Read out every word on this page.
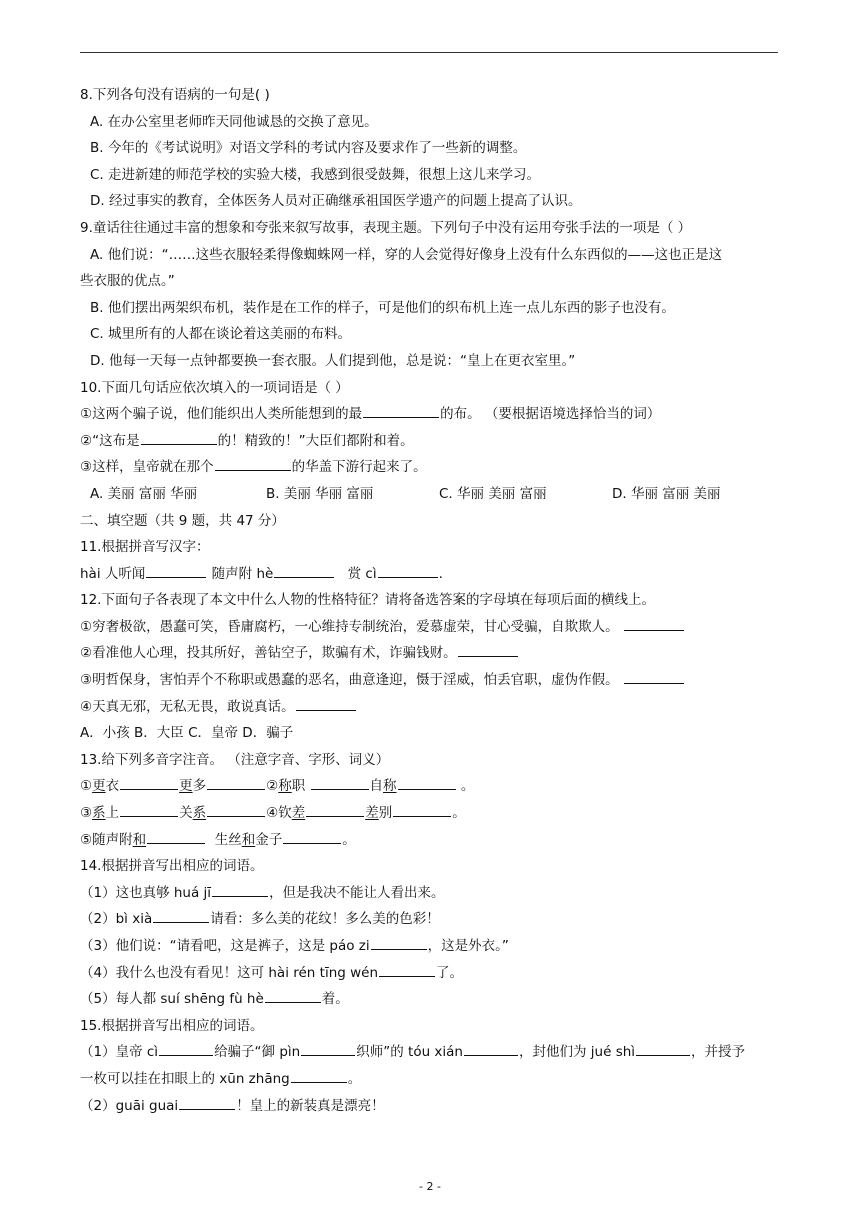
8.下列各句没有语病的一句是( )
A. 在办公室里老师昨天同他诚恳的交换了意见。
B. 今年的《考试说明》对语文学科的考试内容及要求作了一些新的调整。
C. 走进新建的师范学校的实验大楼，我感到很受鼓舞，很想上这儿来学习。
D. 经过事实的教育，全体医务人员对正确继承祖国医学遗产的问题上提高了认识。
9.童话往往通过丰富的想象和夸张来叙写故事，表现主题。下列句子中没有运用夸张手法的一项是（ ）
A. 他们说：“……这些衣服轻柔得像蜘蛛网一样，穿的人会觉得好像身上没有什么东西似的——这也正是这
些衣服的优点。”
B. 他们摆出两架织布机，装作是在工作的样子，可是他们的织布机上连一点儿东西的影子也没有。
C. 城里所有的人都在谈论着这美丽的布料。
D. 他每一天每一点钟都要换一套衣服。人们提到他，总是说：“皇上在更衣室里。”
10.下面几句话应依次填入的一项词语是（ ）
①这两个骗子说，他们能织出人类所能想到的最	的布。 （要根据语境选择恰当的词）
②“这布是	的！精致的！”大臣们都附和着。
③这样，皇帝就在那个	的华盖下游行起来了。
A. 美丽 富丽 华丽	B. 美丽 华丽 富丽	C. 华丽 美丽 富丽	D. 华丽 富丽 美丽
二、填空题（共 9 题，共 47 分）
11.根据拼音写汉字：
hài 人听闻	随声附 hè	赏 cì	.
12.下面句子各表现了本文中什么人物的性格特征？请将备选答案的字母填在每项后面的横线上。
①穷奢极欲，愚蠢可笑，昏庸腐朽，一心维持专制统治，爱慕虚荣，甘心受骗，自欺欺人。
②看准他人心理，投其所好，善钻空子，欺骗有术，诈骗钱财。
③明哲保身，害怕弄个不称职或愚蠢的恶名，曲意逢迎，慑于淫威，怕丢官职，虚伪作假。
④天真无邪，无私无畏，敢说真话。
A．小孩 B．大臣 C．皇帝 D．骗子
13.给下列多音字注音。 （注意字音、字形、词义）
①更衣	更多	②称职	自称	。
③系上	关系	④钦差	差别	。
⑤随声附和	生丝和金子	。
14.根据拼音写出相应的词语。
（1）这也真够 huá jī	，但是我决不能让人看出来。
（2）bì xià	请看：多么美的花纹！多么美的色彩！
（3）他们说：“请看吧，这是裤子，这是 páo zi	，这是外衣。”
（4）我什么也没有看见！这可 hài rén tīng wén	了。
（5）每人都 suí shēng fù hè	着。
15.根据拼音写出相应的词语。
（1）皇帝 cì	给骗子“御 pìn	织师”的 tóu xián	，封他们为 jué shì	，并授予
一枚可以挂在扣眼上的 xūn zhāng	。
（2）guāi guai	！皇上的新装真是漂亮！
- 2 -
